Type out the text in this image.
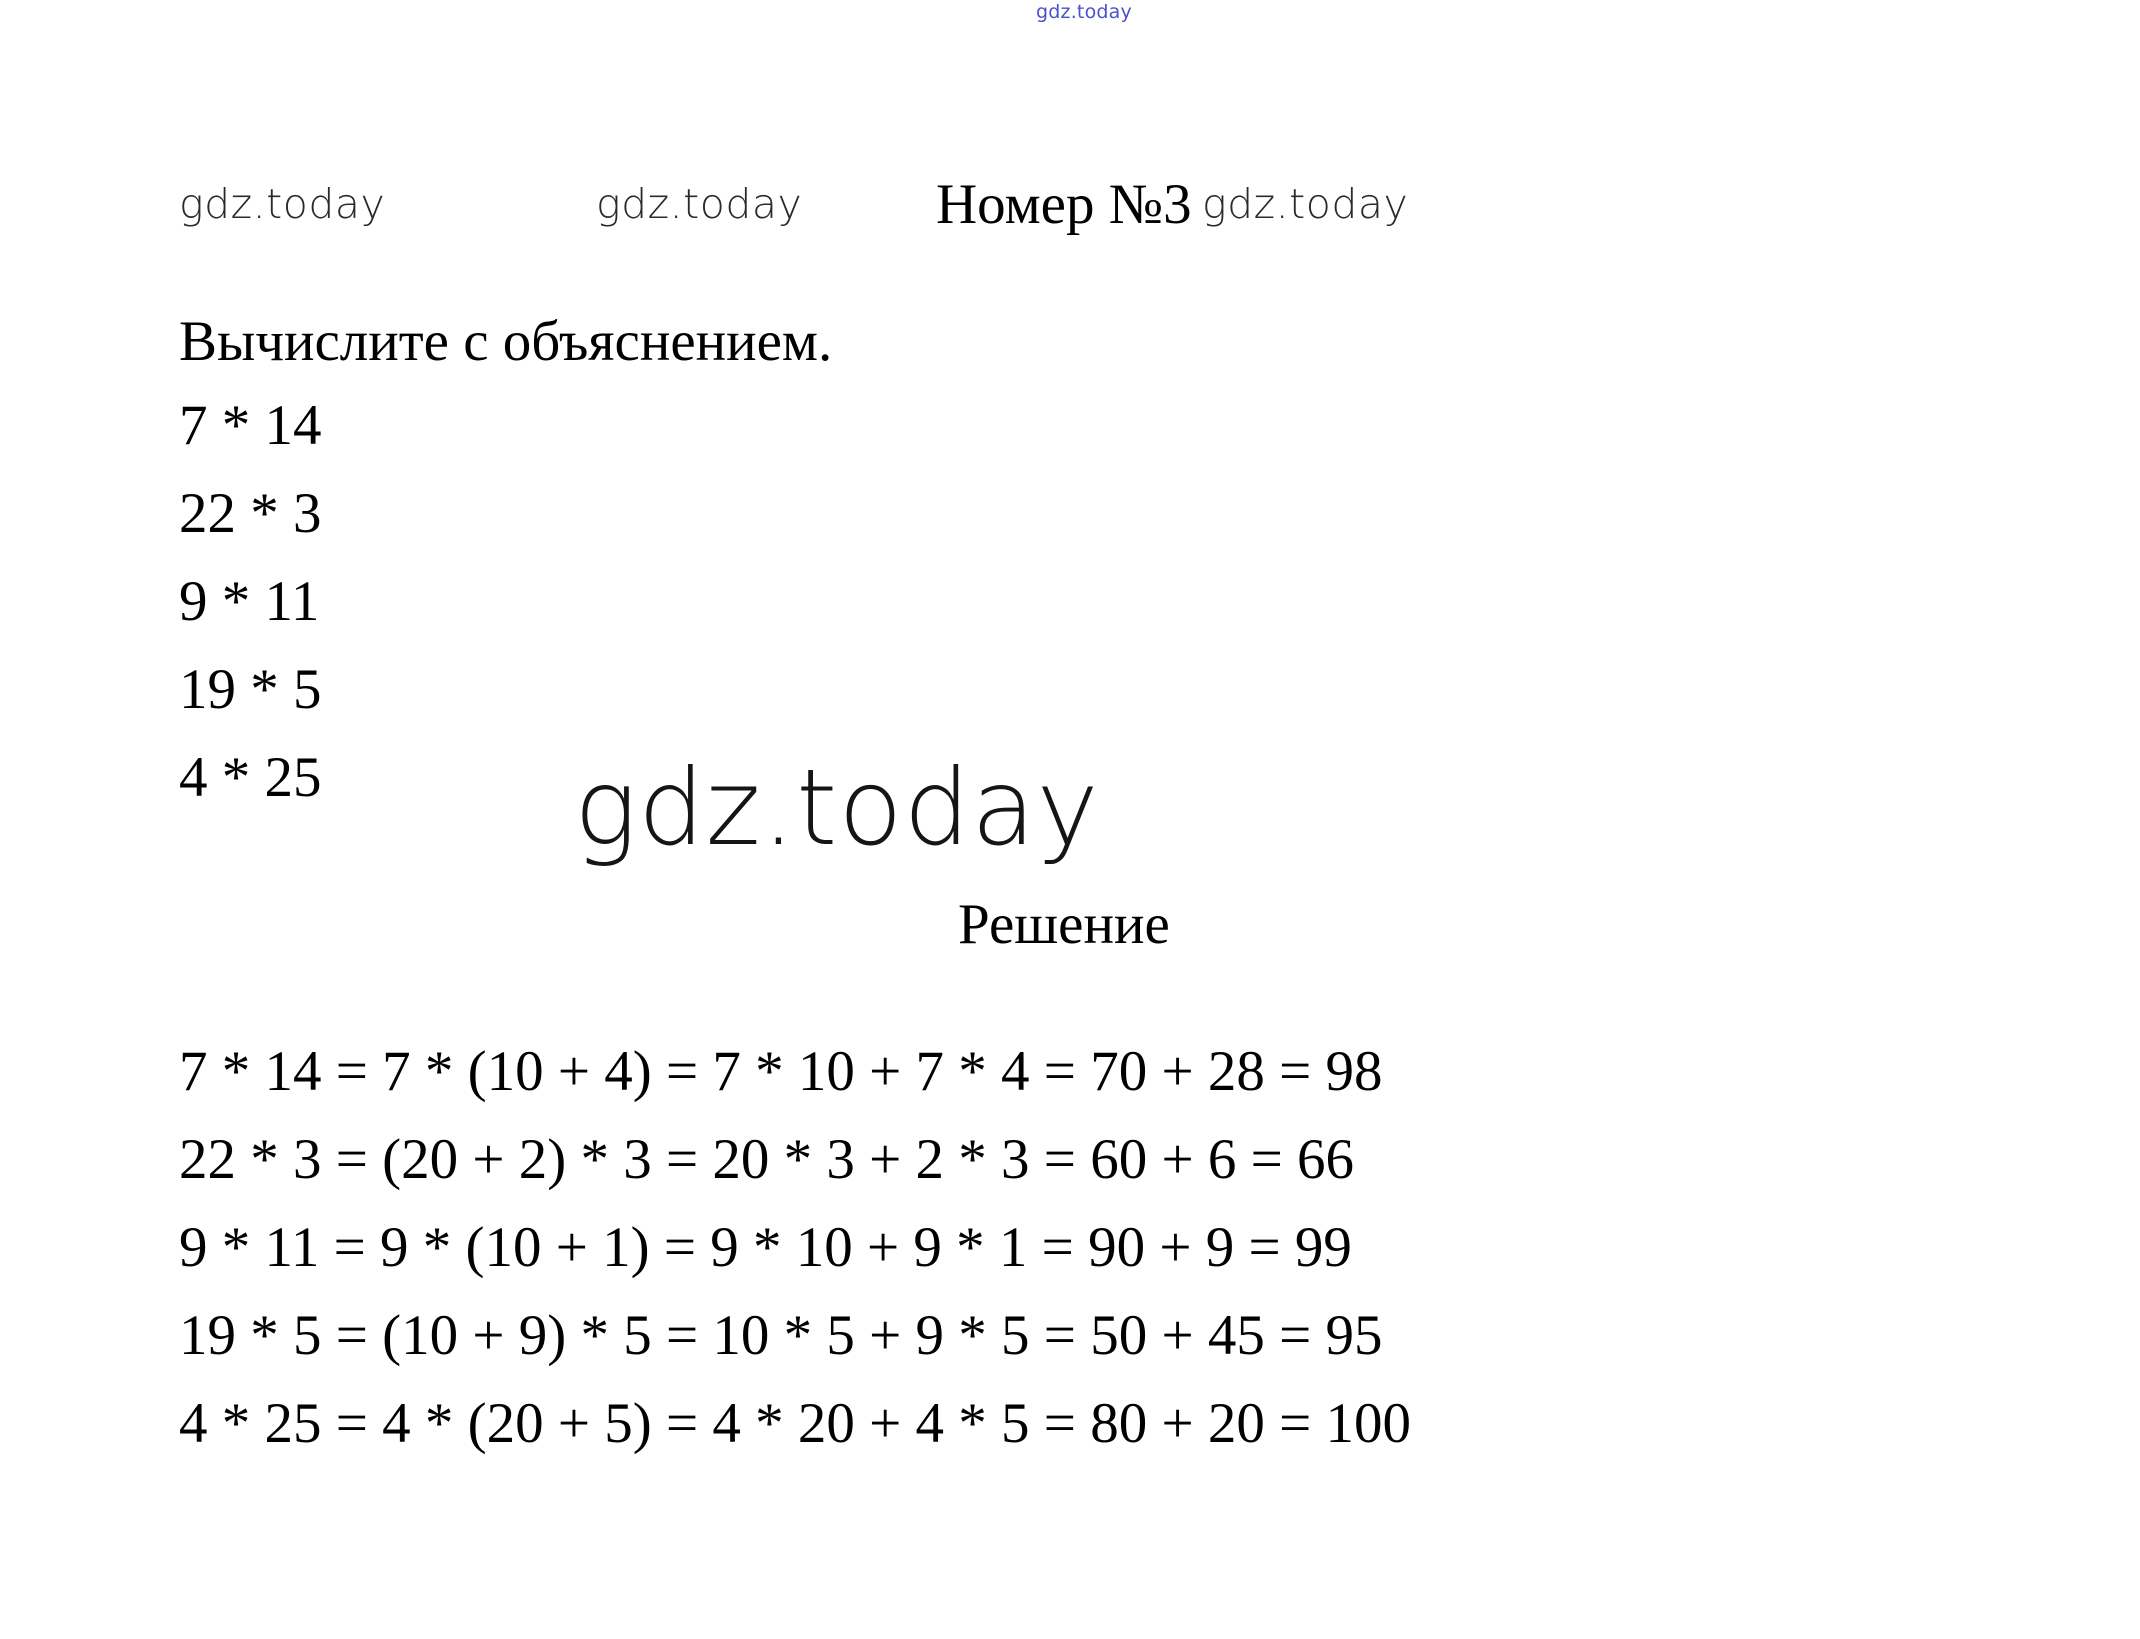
gdz.today
gdz.today	gdz.today Номер №3 gdz.today
Вычислите с объяснением.
7 * 14
22 * 3
9 * 11
19 * 5
4 * 25 gdz.today
Решение
7 * 14 = 7 * (10 + 4) = 7 * 10 + 7 * 4 = 70 + 28 = 98
22 * 3 = (20 + 2) * 3 = 20 * 3 + 2 * 3 = 60 + 6 = 66
9 * 11 = 9 * (10 + 1) = 9 * 10 + 9 * 1 = 90 + 9 = 99
19 * 5 = (10 + 9) * 5 = 10 * 5 + 9 * 5 = 50 + 45 = 95
4 * 25 = 4 * (20 + 5) = 4 * 20 + 4 * 5 = 80 + 20 = 100
